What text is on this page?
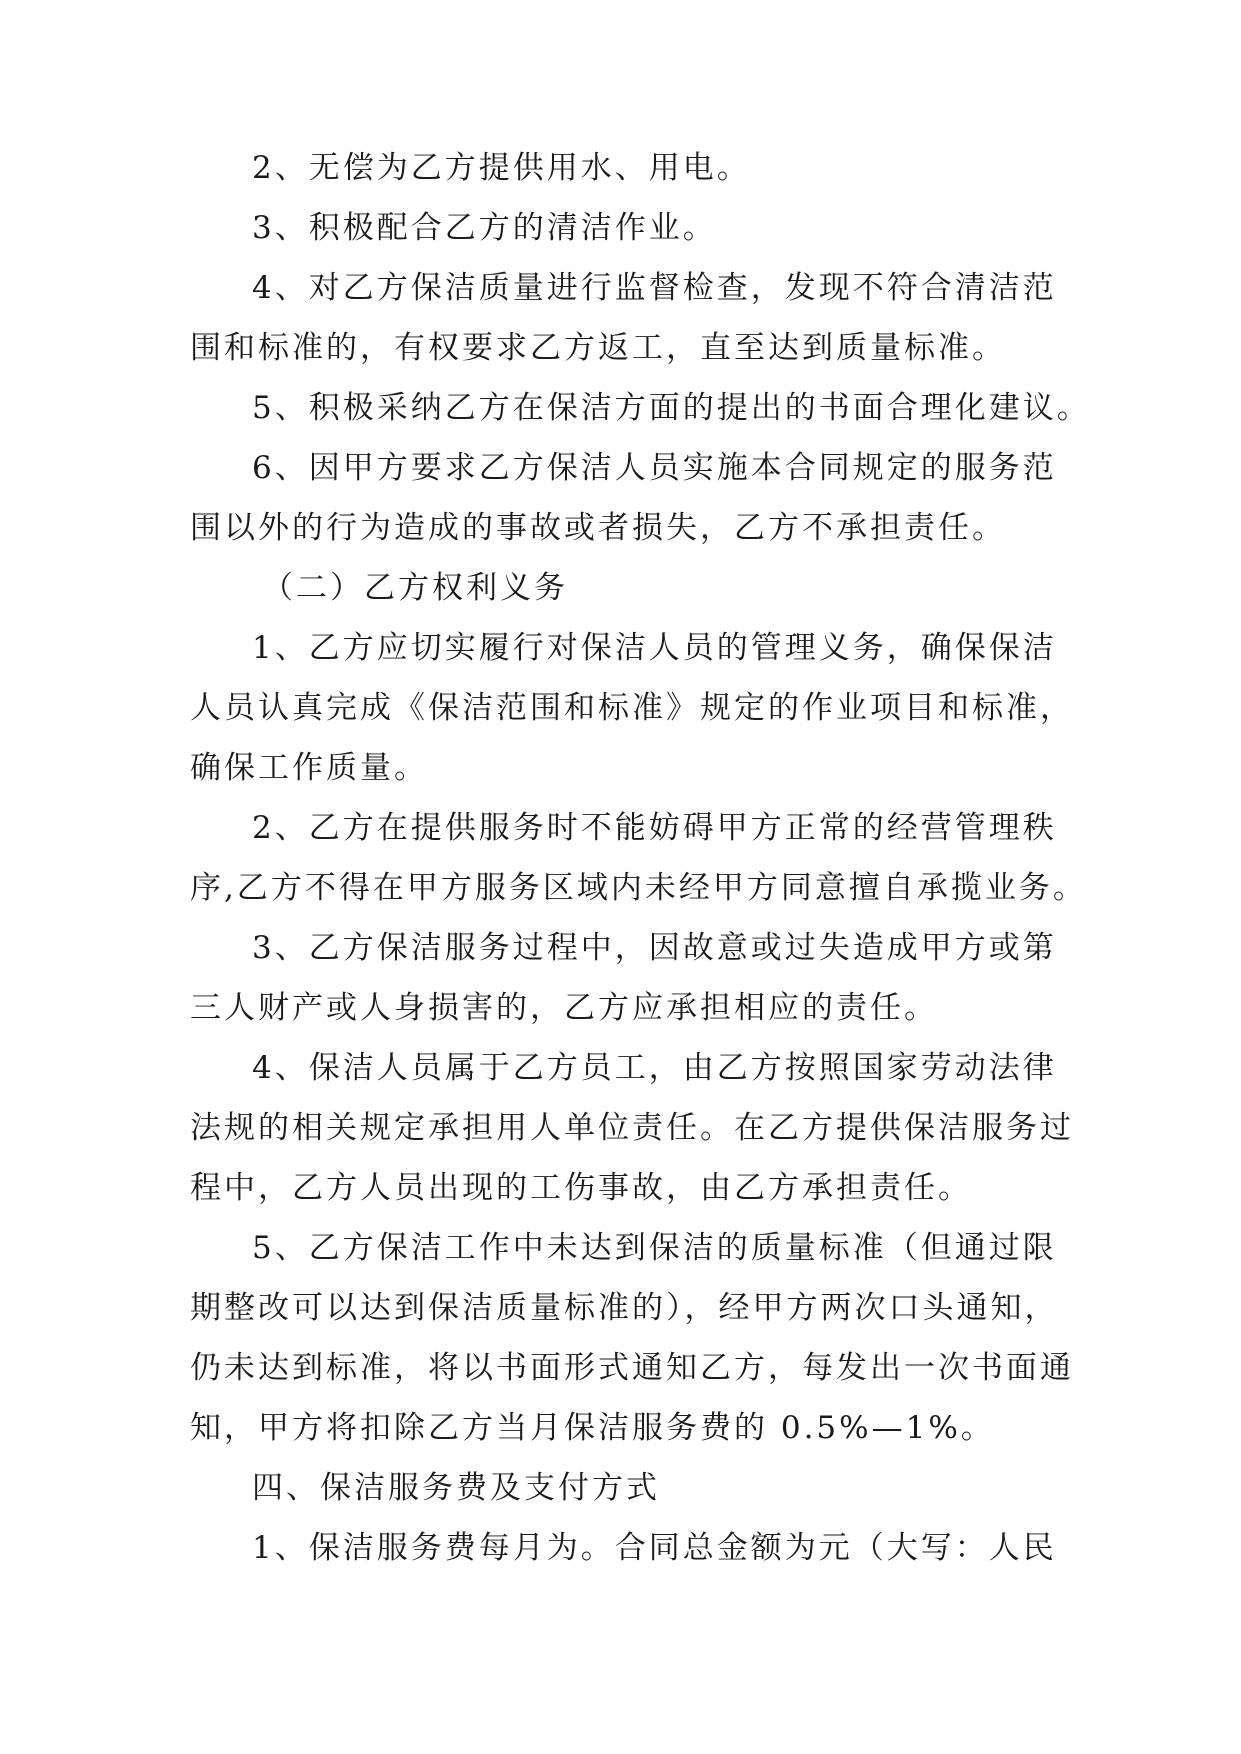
2、无偿为乙方提供用水、用电。
3、积极配合乙方的清洁作业。
4、对乙方保洁质量进行监督检查，发现不符合清洁范
围和标准的，有权要求乙方返工，直至达到质量标准。
5、积极采纳乙方在保洁方面的提出的书面合理化建议。
6、因甲方要求乙方保洁人员实施本合同规定的服务范
围以外的行为造成的事故或者损失，乙方不承担责任。
（二）乙方权利义务
1、乙方应切实履行对保洁人员的管理义务，确保保洁
人员认真完成《保洁范围和标准》规定的作业项目和标准，
确保工作质量。
2、乙方在提供服务时不能妨碍甲方正常的经营管理秩
序,乙方不得在甲方服务区域内未经甲方同意擅自承揽业务。
3、乙方保洁服务过程中，因故意或过失造成甲方或第
三人财产或人身损害的，乙方应承担相应的责任。
4、保洁人员属于乙方员工，由乙方按照国家劳动法律
法规的相关规定承担用人单位责任。在乙方提供保洁服务过
程中，乙方人员出现的工伤事故，由乙方承担责任。
5、乙方保洁工作中未达到保洁的质量标准（但通过限
期整改可以达到保洁质量标准的），经甲方两次口头通知，
仍未达到标准，将以书面形式通知乙方，每发出一次书面通
知，甲方将扣除乙方当月保洁服务费的 0.5%—1%。
四、保洁服务费及支付方式
1、保洁服务费每月为。合同总金额为元（大写：人民
